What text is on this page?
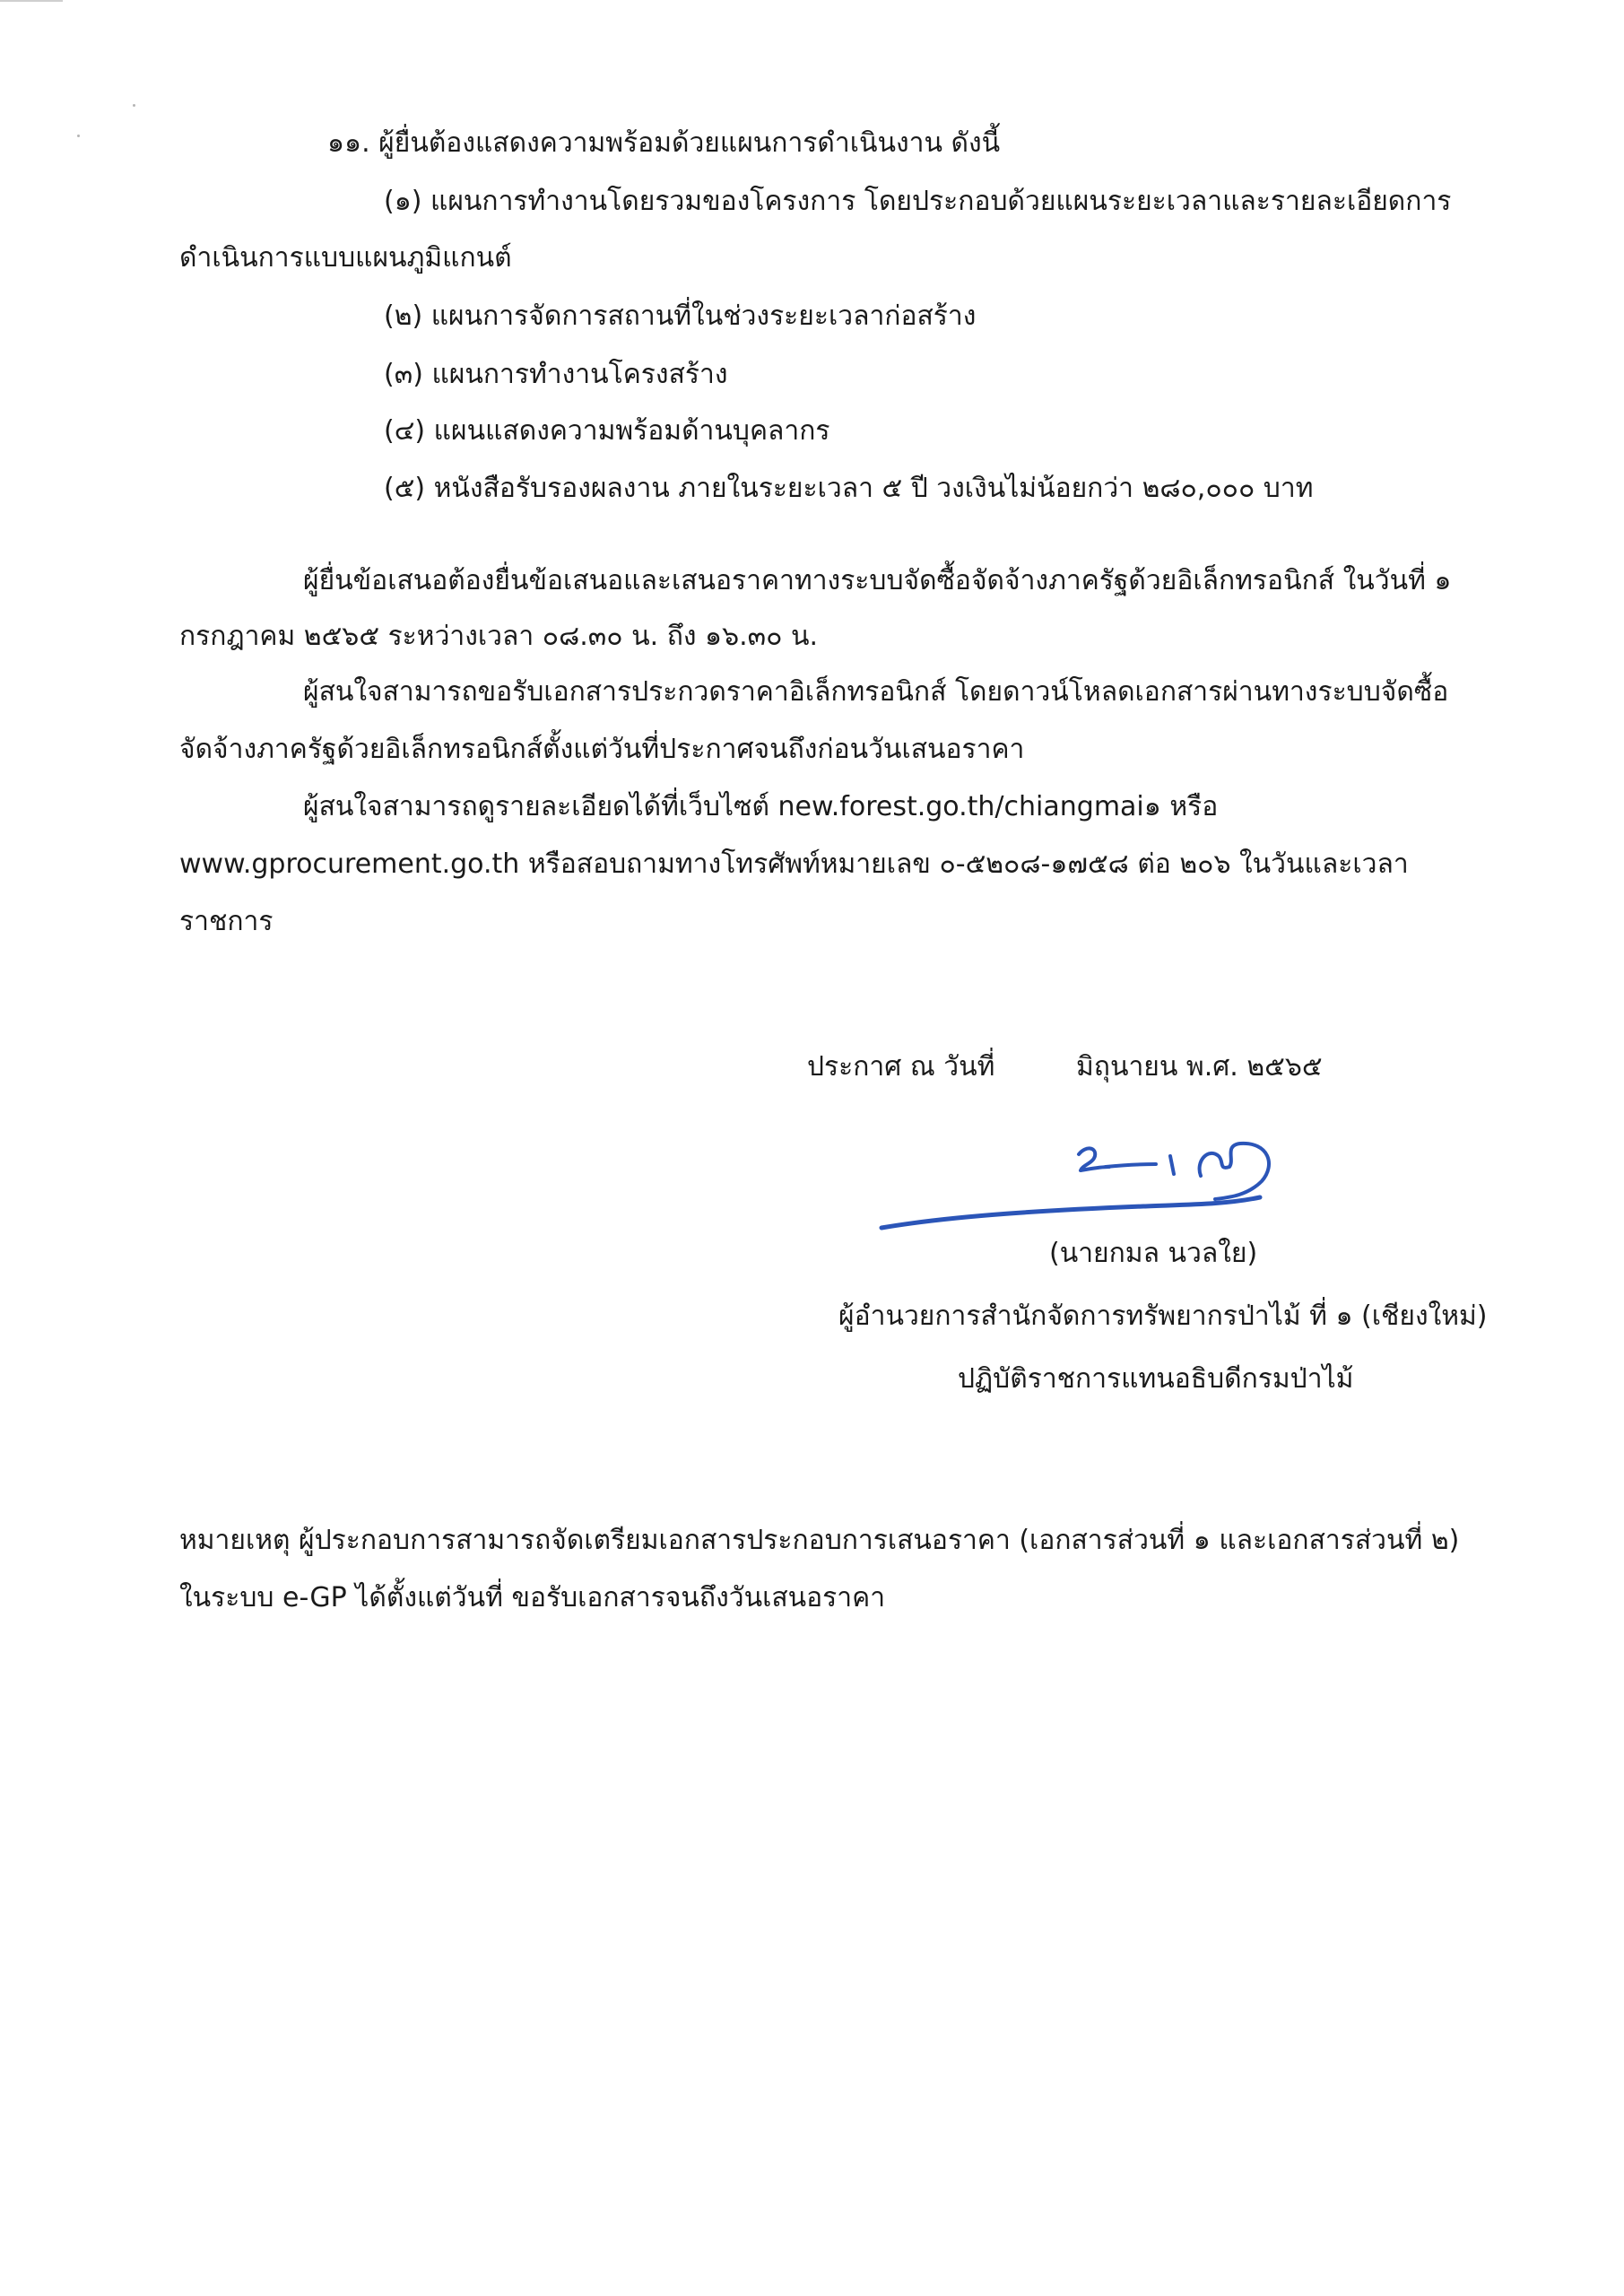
๑๑. ผู้ยื่นต้องแสดงความพร้อมด้วยแผนการดำเนินงาน ดังนี้
(๑) แผนการทำงานโดยรวมของโครงการ โดยประกอบด้วยแผนระยะเวลาและรายละเอียดการ
ดำเนินการแบบแผนภูมิแกนต์
(๒) แผนการจัดการสถานที่ในช่วงระยะเวลาก่อสร้าง
(๓) แผนการทำงานโครงสร้าง
(๔) แผนแสดงความพร้อมด้านบุคลากร
(๕) หนังสือรับรองผลงาน ภายในระยะเวลา ๕ ปี วงเงินไม่น้อยกว่า ๒๘๐,๐๐๐ บาท
ผู้ยื่นข้อเสนอต้องยื่นข้อเสนอและเสนอราคาทางระบบจัดซื้อจัดจ้างภาครัฐด้วยอิเล็กทรอนิกส์ ในวันที่ ๑
กรกฎาคม ๒๕๖๕ ระหว่างเวลา ๐๘.๓๐ น. ถึง ๑๖.๓๐ น.
ผู้สนใจสามารถขอรับเอกสารประกวดราคาอิเล็กทรอนิกส์ โดยดาวน์โหลดเอกสารผ่านทางระบบจัดซื้อ
จัดจ้างภาครัฐด้วยอิเล็กทรอนิกส์ตั้งแต่วันที่ประกาศจนถึงก่อนวันเสนอราคา
ผู้สนใจสามารถดูรายละเอียดได้ที่เว็บไซต์ new.forest.go.th/chiangmai๑ หรือ
www.gprocurement.go.th หรือสอบถามทางโทรศัพท์หมายเลข ๐-๕๒๐๘-๑๗๕๘ ต่อ ๒๐๖ ในวันและเวลา
ราชการ
ประกาศ ณ วันที่	มิถุนายน พ.ศ. ๒๕๖๕
(นายกมล นวลใย)
ผู้อำนวยการสำนักจัดการทรัพยากรป่าไม้ ที่ ๑ (เชียงใหม่)
ปฏิบัติราชการแทนอธิบดีกรมป่าไม้
หมายเหตุ ผู้ประกอบการสามารถจัดเตรียมเอกสารประกอบการเสนอราคา (เอกสารส่วนที่ ๑ และเอกสารส่วนที่ ๒)
ในระบบ e-GP ได้ตั้งแต่วันที่ ขอรับเอกสารจนถึงวันเสนอราคา
